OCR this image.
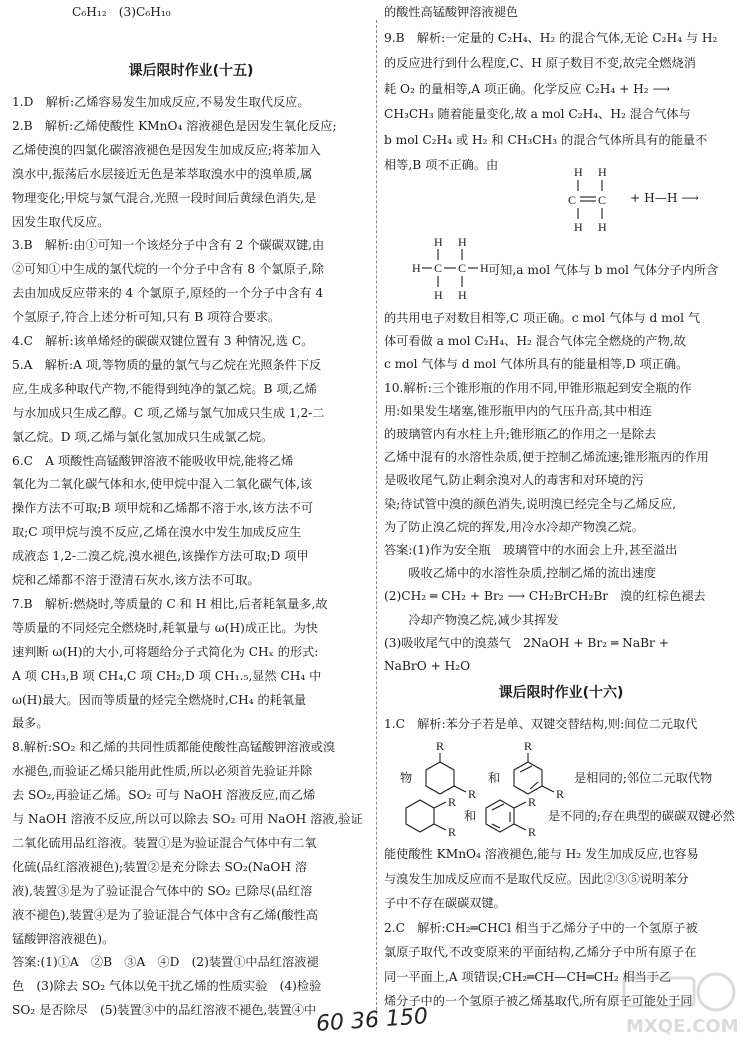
C₆H₁₂　(3)C₆H₁₀
课后限时作业(十五)
1.D　解析:乙烯容易发生加成反应,不易发生取代反应。
2.B　解析:乙烯使酸性 KMnO₄ 溶液褪色是因发生氧化反应;
乙烯使溴的四氯化碳溶液褪色是因发生加成反应;将苯加入
溴水中,振荡后水层接近无色是苯萃取溴水中的溴单质,属
物理变化;甲烷与氯气混合,光照一段时间后黄绿色消失,是
因发生取代反应。
3.B　解析:由①可知一个该烃分子中含有 2 个碳碳双键,由
②可知①中生成的氯代烷的一个分子中含有 8 个氯原子,除
去由加成反应带来的 4 个氯原子,原烃的一个分子中含有 4
个氢原子,符合上述分析可知,只有 B 项符合要求。
4.C　解析:该单烯烃的碳碳双键位置有 3 种情况,选 C。
5.A　解析:A 项,等物质的量的氯气与乙烷在光照条件下反
应,生成多种取代产物,不能得到纯净的氯乙烷。B 项,乙烯
与水加成只生成乙醇。C 项,乙烯与氯气加成只生成 1,2-二
氯乙烷。D 项,乙烯与氯化氢加成只生成氯乙烷。
6.C　A 项酸性高锰酸钾溶液不能吸收甲烷,能将乙烯
氧化为二氧化碳气体和水,使甲烷中混入二氧化碳气体,该
操作方法不可取;B 项甲烷和乙烯都不溶于水,该方法不可
取;C 项甲烷与溴不反应,乙烯在溴水中发生加成反应生
成液态 1,2-二溴乙烷,溴水褪色,该操作方法可取;D 项甲
烷和乙烯都不溶于澄清石灰水,该方法不可取。
7.B　解析:燃烧时,等质量的 C 和 H 相比,后者耗氧量多,故
等质量的不同烃完全燃烧时,耗氧量与 ω(H)成正比。为快
速判断 ω(H)的大小,可将题给分子式简化为 CHₓ 的形式:
A 项 CH₃,B 项 CH₄,C 项 CH₂,D 项 CH₁.₅,显然 CH₄ 中
ω(H)最大。因而等质量的烃完全燃烧时,CH₄ 的耗氧量
最多。
8.解析:SO₂ 和乙烯的共同性质都能使酸性高锰酸钾溶液或溴
水褪色,而验证乙烯只能用此性质,所以必须首先验证并除
去 SO₂,再验证乙烯。SO₂ 可与 NaOH 溶液反应,而乙烯
与 NaOH 溶液不反应,所以可以除去 SO₂ 可用 NaOH 溶液,验证
二氧化硫用品红溶液。装置①是为验证混合气体中有二氧
化硫(品红溶液褪色);装置②是充分除去 SO₂(NaOH 溶
液),装置③是为了验证混合气体中的 SO₂ 已除尽(品红溶
液不褪色),装置④是为了验证混合气体中含有乙烯(酸性高
锰酸钾溶液褪色)。
答案:(1)①A　②B　③A　④D　(2)装置①中品红溶液褪
色　(3)除去 SO₂ 气体以免干扰乙烯的性质实验　(4)检验
SO₂ 是否除尽　(5)装置③中的品红溶液不褪色,装置④中
的酸性高锰酸钾溶液褪色
9.B　解析:一定量的 C₂H₄、H₂ 的混合气体,无论 C₂H₄ 与 H₂
的反应进行到什么程度,C、H 原子数目不变,故完全燃烧消
耗 O₂ 的量相等,A 项正确。化学反应 C₂H₄ + H₂ ⟶
CH₃CH₃ 随着能量变化,故 a mol C₂H₄、H₂ 混合气体与
b mol C₂H₄ 或 H₂ 和 CH₃CH₃ 的混合气体所具有的能量不
相等,B 项不正确。由	H H
C C
H H
+ H—H ⟶
H H
H C C H
H H
可知,a mol 气体与 b mol 气体分子内所含
的共用电子对数目相等,C 项正确。c mol 气体与 d mol 气
体可看做 a mol C₂H₄、H₂ 混合气体完全燃烧的产物,故
c mol 气体与 d mol 气体所具有的能量相等,D 项正确。
10.解析:三个锥形瓶的作用不同,甲锥形瓶起到安全瓶的作
用:如果发生堵塞,锥形瓶甲内的气压升高,其中相连
的玻璃管内有水柱上升;锥形瓶乙的作用之一是除去
乙烯中混有的水溶性杂质,便于控制乙烯流速;锥形瓶丙的作用
是吸收尾气,防止剩余溴对人的毒害和对环境的污
染;待试管中溴的颜色消失,说明溴已经完全与乙烯反应,
为了防止溴乙烷的挥发,用冷水冷却产物溴乙烷。
答案:(1)作为安全瓶　玻璃管中的水面会上升,甚至溢出
　　吸收乙烯中的水溶性杂质,控制乙烯的流出速度
(2)CH₂ ═ CH₂ + Br₂ ⟶ CH₂BrCH₂Br　溴的红棕色褪去
　　冷却产物溴乙烷,减少其挥发
(3)吸收尾气中的溴蒸气　2NaOH + Br₂ ═ NaBr +
NaBrO + H₂O
课后限时作业(十六)
1.C　解析:苯分子若是单、双键交替结构,则:间位二元取代
物
R
R
和
R
R
是相同的;邻位二元取代物
R
R
和
R
R
是不同的;存在典型的碳碳双键必然
能使酸性 KMnO₄ 溶液褪色,能与 H₂ 发生加成反应,也容易
与溴发生加成反应而不是取代反应。因此②③⑤说明苯分
子中不存在碳碳双键。
2.C　解析:CH₂═CHCl 相当于乙烯分子中的一个氢原子被
氯原子取代,不改变原来的平面结构,乙烯分子中所有原子在
同一平面上,A 项错误;CH₂═CH—CH═CH₂ 相当于乙
烯分子中的一个氢原子被乙烯基取代,所有原子可能处于同
60 36 150	MXQE.COM
